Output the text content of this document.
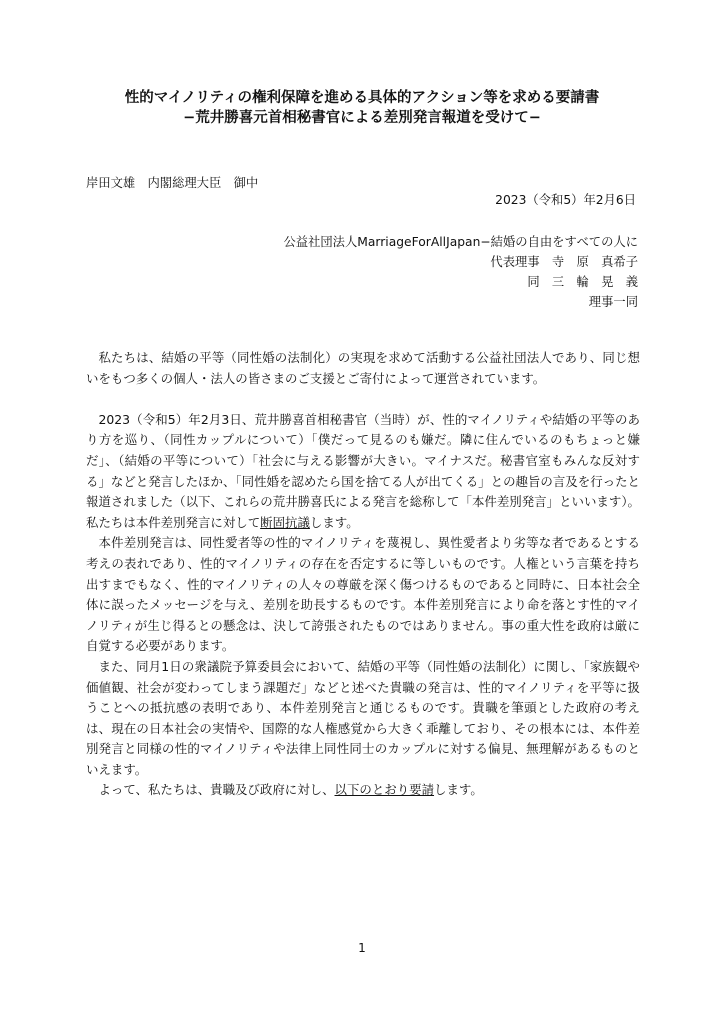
性的マイノリティの権利保障を進める具体的アクション等を求める要請書
−荒井勝喜元首相秘書官による差別発言報道を受けて−
岸田文雄　内閣総理大臣　御中
2023（令和5）年2月6日
公益社団法人MarriageForAllJapan−結婚の自由をすべての人に
代表理事　寺　原　真希子
同　三　輪　晃　義
理事一同

私たちは、結婚の平等（同性婚の法制化）の実現を求めて活動する公益社団法人であり、同じ想いをもつ多くの個人・法人の皆さまのご支援とご寄付によって運営されています。

2023（令和5）年2月3日、荒井勝喜首相秘書官（当時）が、性的マイノリティや結婚の平等のあり方を巡り、（同性カップルについて）「僕だって見るのも嫌だ。隣に住んでいるのもちょっと嫌だ」、（結婚の平等について）「社会に与える影響が大きい。マイナスだ。秘書官室もみんな反対する」などと発言したほか、「同性婚を認めたら国を捨てる人が出てくる」との趣旨の言及を行ったと報道されました（以下、これらの荒井勝喜氏による発言を総称して「本件差別発言」といいます）。私たちは本件差別発言に対して断固抗議します。

本件差別発言は、同性愛者等の性的マイノリティを蔑視し、異性愛者より劣等な者であるとする考えの表れであり、性的マイノリティの存在を否定するに等しいものです。人権という言葉を持ち出すまでもなく、性的マイノリティの人々の尊厳を深く傷つけるものであると同時に、日本社会全体に誤ったメッセージを与え、差別を助長するものです。本件差別発言により命を落とす性的マイノリティが生じ得るとの懸念は、決して誇張されたものではありません。事の重大性を政府は厳に自覚する必要があります。

また、同月1日の衆議院予算委員会において、結婚の平等（同性婚の法制化）に関し、「家族観や価値観、社会が変わってしまう課題だ」などと述べた貴職の発言は、性的マイノリティを平等に扱うことへの抵抗感の表明であり、本件差別発言と通じるものです。貴職を筆頭とした政府の考えは、現在の日本社会の実情や、国際的な人権感覚から大きく乖離しており、その根本には、本件差別発言と同様の性的マイノリティや法律上同性同士のカップルに対する偏見、無理解があるものといえます。

よって、私たちは、貴職及び政府に対し、以下のとおり要請します。

1
